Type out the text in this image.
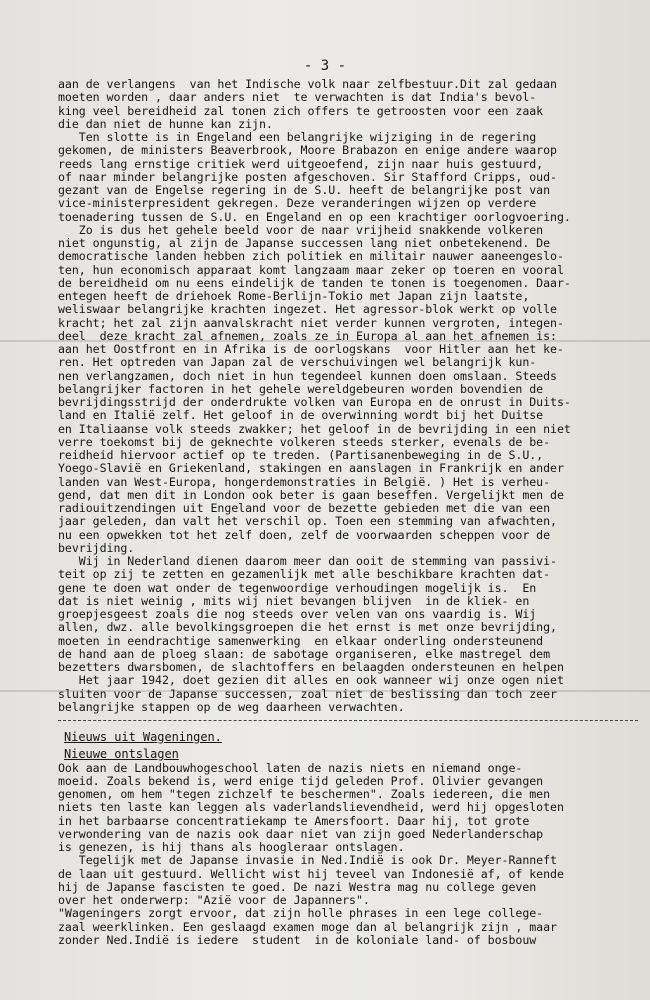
- 3 -
aan de verlangens  van het Indische volk naar zelfbestuur.Dit zal gedaan
moeten worden , daar anders niet  te verwachten is dat India's bevol-
king veel bereidheid zal tonen zich offers te getroosten voor een zaak
die dan niet de hunne kan zijn.
Ten slotte is in Engeland een belangrijke wijziging in de regering
gekomen, de ministers Beaverbrook, Moore Brabazon en enige andere waarop
reeds lang ernstige critiek werd uitgeoefend, zijn naar huis gestuurd,
of naar minder belangrijke posten afgeschoven. Sir Stafford Cripps, oud-
gezant van de Engelse regering in de S.U. heeft de belangrijke post van
vice-ministerpresident gekregen. Deze veranderingen wijzen op verdere
toenadering tussen de S.U. en Engeland en op een krachtiger oorlogvoering.
Zo is dus het gehele beeld voor de naar vrijheid snakkende volkeren
niet ongunstig, al zijn de Japanse successen lang niet onbetekenend. De
democratische landen hebben zich politiek en militair nauwer aaneengeslo-
ten, hun economisch apparaat komt langzaam maar zeker op toeren en vooral
de bereidheid om nu eens eindelijk de tanden te tonen is toegenomen. Daar-
entegen heeft de driehoek Rome-Berlijn-Tokio met Japan zijn laatste,
weliswaar belangrijke krachten ingezet. Het agressor-blok werkt op volle
kracht; het zal zijn aanvalskracht niet verder kunnen vergroten, integen-
deel  deze kracht zal afnemen, zoals ze in Europa al aan het afnemen is:
aan het Oostfront en in Afrika is de oorlogskans  voor Hitler aan het ke-
ren. Het optreden van Japan zal de verschuivingen wel belangrijk kun-
nen verlangzamen, doch niet in hun tegendeel kunnen doen omslaan. Steeds
belangrijker factoren in het gehele wereldgebeuren worden bovendien de
bevrijdingsstrijd der onderdrukte volken van Europa en de onrust in Duits-
land en Italië zelf. Het geloof in de overwinning wordt bij het Duitse
en Italiaanse volk steeds zwakker; het geloof in de bevrijding in een niet
verre toekomst bij de geknechte volkeren steeds sterker, evenals de be-
reidheid hiervoor actief op te treden. (Partisanenbeweging in de S.U.,
Yoego-Slavië en Griekenland, stakingen en aanslagen in Frankrijk en ander
landen van West-Europa, hongerdemonstraties in België. ) Het is verheu-
gend, dat men dit in London ook beter is gaan beseffen. Vergelijkt men de
radiouitzendingen uit Engeland voor de bezette gebieden met die van een
jaar geleden, dan valt het verschil op. Toen een stemming van afwachten,
nu een opwekken tot het zelf doen, zelf de voorwaarden scheppen voor de
bevrijding.
Wij in Nederland dienen daarom meer dan ooit de stemming van passivi-
teit op zij te zetten en gezamenlijk met alle beschikbare krachten dat-
gene te doen wat onder de tegenwoordige verhoudingen mogelijk is.  En
dat is niet weinig , mits wij niet bevangen blijven  in de kliek- en
groepjesgeest zoals die nog steeds over velen van ons vaardig is. Wij
allen, dwz. alle bevolkingsgroepen die het ernst is met onze bevrijding,
moeten in eendrachtige samenwerking  en elkaar onderling ondersteunend
de hand aan de ploeg slaan: de sabotage organiseren, elke mastregel dem
bezetters dwarsbomen, de slachtoffers en belaagden ondersteunen en helpen
Het jaar 1942, doet gezien dit alles en ook wanneer wij onze ogen niet
sluiten voor de Japanse successen, zoal niet de beslissing dan toch zeer
belangrijke stappen op de weg daarheen verwachten.
Nieuws uit Wageningen.
Nieuwe ontslagen
Ook aan de Landbouwhogeschool laten de nazis niets en niemand onge-
moeid. Zoals bekend is, werd enige tijd geleden Prof. Olivier gevangen
genomen, om hem "tegen zichzelf te beschermen". Zoals iedereen, die men
niets ten laste kan leggen als vaderlandslievendheid, werd hij opgesloten
in het barbaarse concentratiekamp te Amersfoort. Daar hij, tot grote
verwondering van de nazis ook daar niet van zijn goed Nederlanderschap
is genezen, is hij thans als hoogleraar ontslagen.
Tegelijk met de Japanse invasie in Ned.Indië is ook Dr. Meyer-Ranneft
de laan uit gestuurd. Wellicht wist hij teveel van Indonesië af, of kende
hij de Japanse fascisten te goed. De nazi Westra mag nu college geven
over het onderwerp: "Azië voor de Japanners".
"Wageningers zorgt ervoor, dat zijn holle phrases in een lege college-
zaal weerklinken. Een geslaagd examen moge dan al belangrijk zijn , maar
zonder Ned.Indië is iedere  student  in de koloniale land- of bosbouw
